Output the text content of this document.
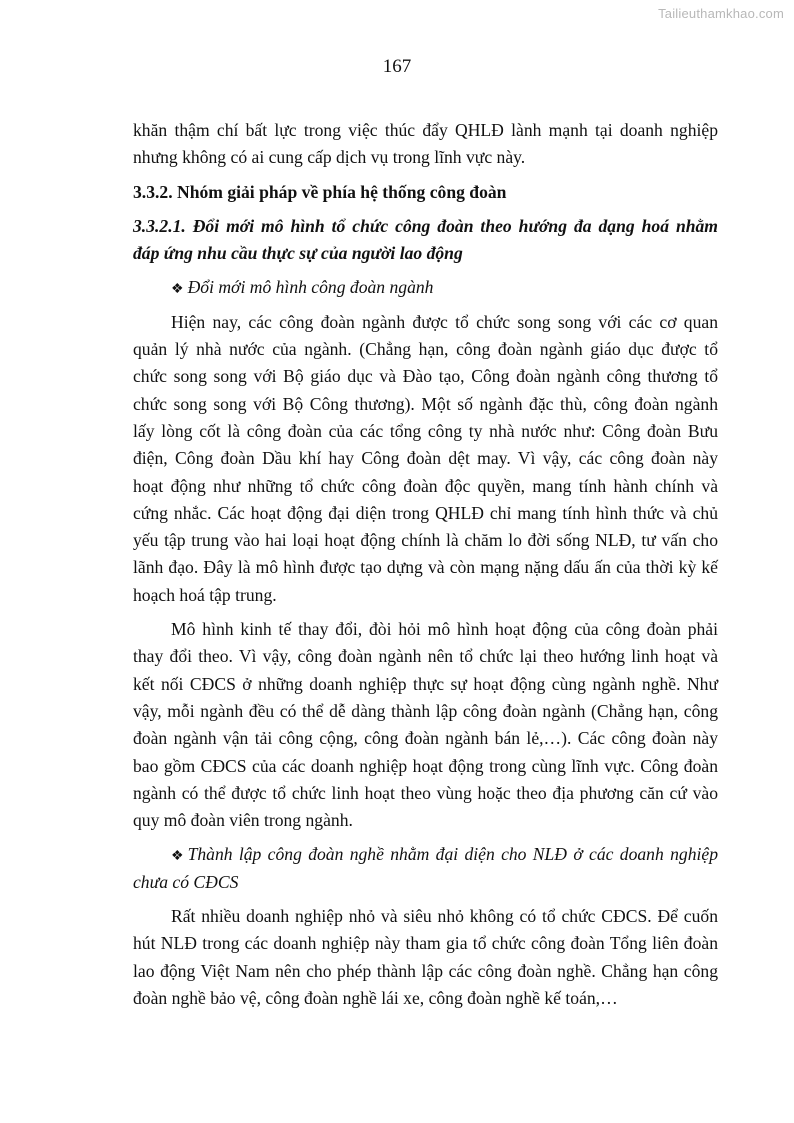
Tailieuthamkhao.com
167
khăn thậm chí bất lực trong việc thúc đẩy QHLĐ lành mạnh tại doanh nghiệp
nhưng không có ai cung cấp dịch vụ trong lĩnh vực này.
3.3.2. Nhóm giải pháp về phía hệ thống công đoàn
3.3.2.1. Đổi mới mô hình tổ chức công đoàn theo hướng đa dạng hoá nhằm
đáp ứng nhu cầu thực sự của người lao động
❖ Đổi mới mô hình công đoàn ngành
Hiện nay, các công đoàn ngành được tổ chức song song với các cơ quan
quản lý nhà nước của ngành. (Chẳng hạn, công đoàn ngành giáo dục được tổ
chức song song với Bộ giáo dục và Đào tạo, Công đoàn ngành công thương tổ
chức song song với Bộ Công thương). Một số ngành đặc thù, công đoàn ngành
lấy lòng cốt là công đoàn của các tổng công ty nhà nước như: Công đoàn Bưu
điện, Công đoàn Dầu khí hay Công đoàn dệt may. Vì vậy, các công đoàn này
hoạt động như những tổ chức công đoàn độc quyền, mang tính hành chính và
cứng nhắc. Các hoạt động đại diện trong QHLĐ chỉ mang tính hình thức và chủ
yếu tập trung vào hai loại hoạt động chính là chăm lo đời sống NLĐ, tư vấn cho
lãnh đạo. Đây là mô hình được tạo dựng và còn mạng nặng dấu ấn của thời kỳ kế
hoạch hoá tập trung.
Mô hình kinh tế thay đổi, đòi hỏi mô hình hoạt động của công đoàn phải
thay đổi theo. Vì vậy, công đoàn ngành nên tổ chức lại theo hướng linh hoạt và
kết nối CĐCS ở những doanh nghiệp thực sự hoạt động cùng ngành nghề. Như
vậy, mỗi ngành đều có thể dễ dàng thành lập công đoàn ngành (Chẳng hạn, công
đoàn ngành vận tải công cộng, công đoàn ngành bán lẻ,…). Các công đoàn này
bao gồm CĐCS của các doanh nghiệp hoạt động trong cùng lĩnh vực. Công đoàn
ngành có thể được tổ chức linh hoạt theo vùng hoặc theo địa phương căn cứ vào
quy mô đoàn viên trong ngành.
❖ Thành lập công đoàn nghề nhằm đại diện cho NLĐ ở các doanh nghiệp
chưa có CĐCS
Rất nhiều doanh nghiệp nhỏ và siêu nhỏ không có tổ chức CĐCS. Để cuốn
hút NLĐ trong các doanh nghiệp này tham gia tổ chức công đoàn Tổng liên đoàn
lao động Việt Nam nên cho phép thành lập các công đoàn nghề. Chẳng hạn công
đoàn nghề bảo vệ, công đoàn nghề lái xe, công đoàn nghề kế toán,…
